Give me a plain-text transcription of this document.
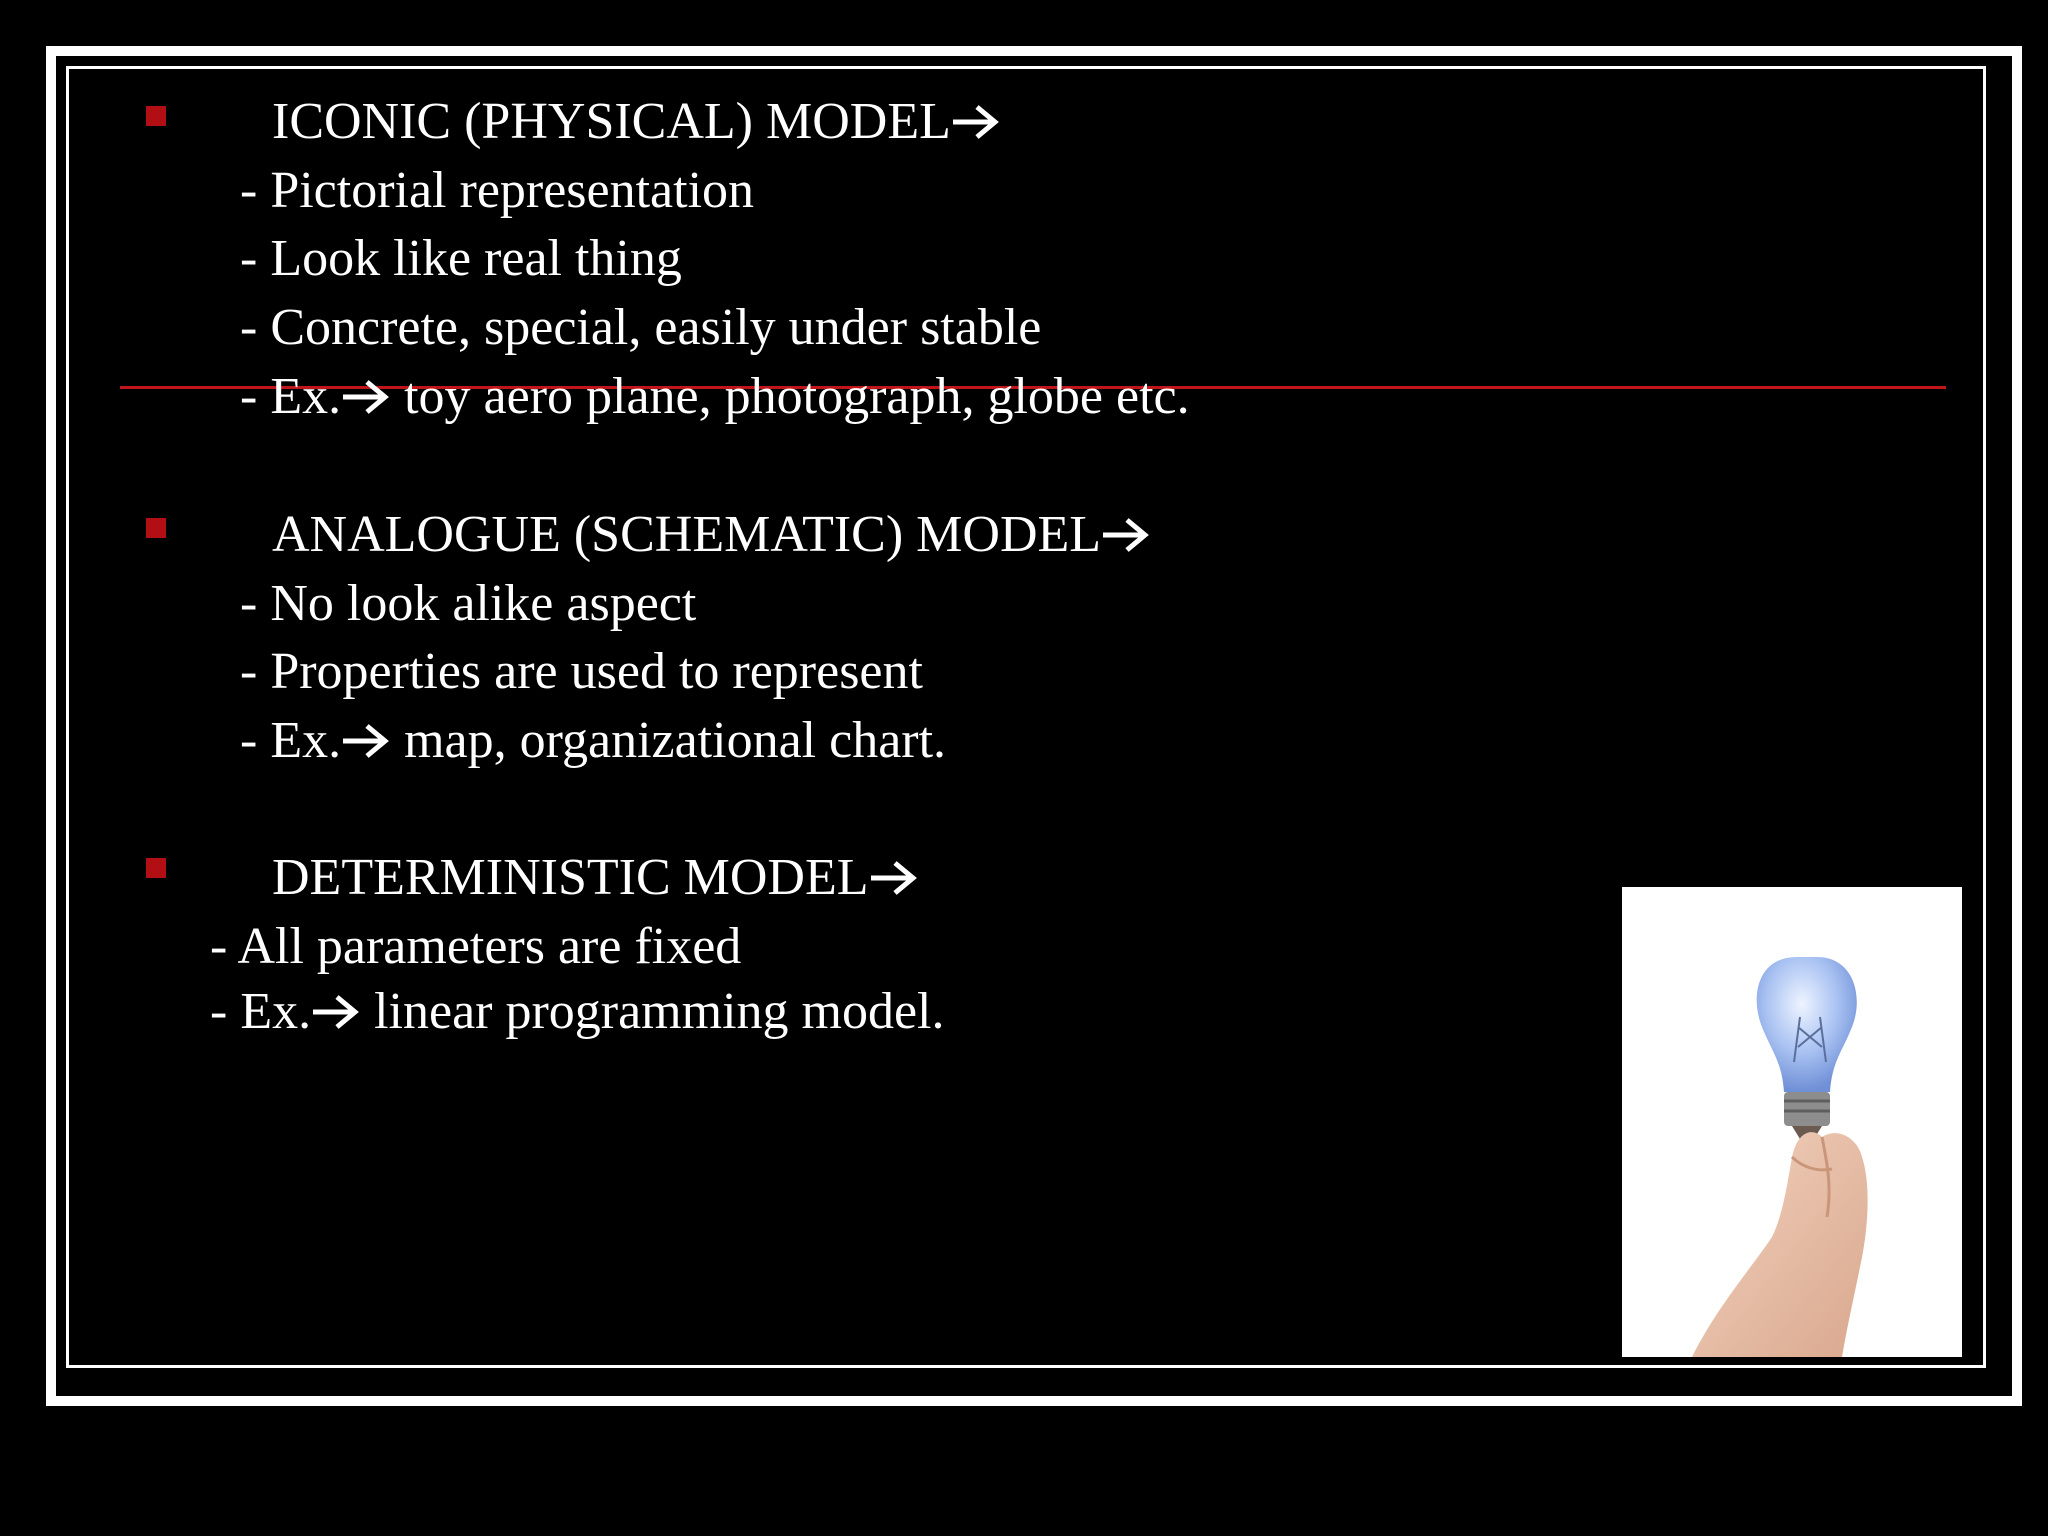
ICONIC (PHYSICAL) MODEL
- Pictorial representation
- Look like real thing
- Concrete, special, easily under stable
- Ex. toy aero plane, photograph, globe etc.
ANALOGUE (SCHEMATIC) MODEL
- No look alike aspect
- Properties are used to represent
- Ex. map, organizational chart.
DETERMINISTIC MODEL
- All parameters are fixed
- Ex. linear programming model.
